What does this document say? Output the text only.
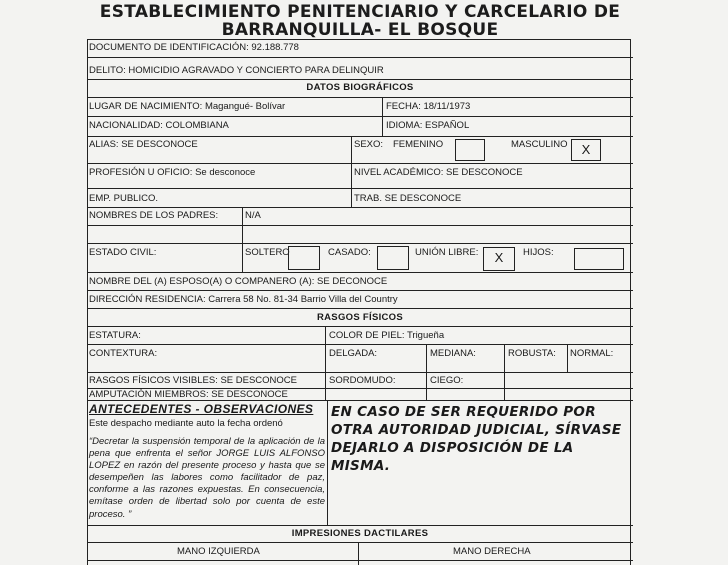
ESTABLECIMIENTO PENITENCIARIO Y CARCELARIO DE
BARRANQUILLA- EL BOSQUE
DOCUMENTO DE IDENTIFICACIÓN: 92.188.778
DELITO: HOMICIDIO AGRAVADO Y CONCIERTO PARA DELINQUIR
DATOS BIOGRÁFICOS
LUGAR DE NACIMIENTO: Magangué- Bolívar	FECHA: 18/11/1973
NACIONALIDAD: COLOMBIANA	IDIOMA: ESPAÑOL
ALIAS: SE DESCONOCE	SEXO: FEMENINO	MASCULINO	X
PROFESIÓN U OFICIO: Se desconoce	NIVEL ACADÉMICO: SE DESCONOCE
EMP. PUBLICO.	TRAB. SE DESCONOCE
NOMBRES DE LOS PADRES:	N/A
ESTADO CIVIL:	SOLTERO	CASADO:	UNIÓN LIBRE:	X	HIJOS:
NOMBRE DEL (A) ESPOSO(A) O COMPANERO (A): SE DECONOCE
DIRECCIÓN RESIDENCIA: Carrera 58 No. 81-34 Barrio Villa del Country
RASGOS FÍSICOS
ESTATURA:	COLOR DE PIEL: Trigueña
CONTEXTURA:	DELGADA:	MEDIANA:	ROBUSTA: NORMAL:
RASGOS FÍSICOS VISIBLES: SE DESCONOCE	SORDOMUDO:	CIEGO:
AMPUTACIÓN MIEMBROS: SE DESCONOCE
ANTECEDENTES - OBSERVACIONES
Este despacho mediante auto la fecha ordenó
“Decretar la suspensión temporal de la aplicación de la pena que enfrenta el señor JORGE LUIS ALFONSO LOPEZ en razón del presente proceso y hasta que se desempeñen las labores como facilitador de paz, conforme a las razones expuestas. En consecuencia, emítase orden de libertad solo por cuenta de este proceso. ”
EN CASO DE SER REQUERIDO POR OTRA AUTORIDAD JUDICIAL, SÍRVASE DEJARLO A DISPOSICIÓN DE LA MISMA.
IMPRESIONES DACTILARES
MANO IZQUIERDA	MANO DERECHA
